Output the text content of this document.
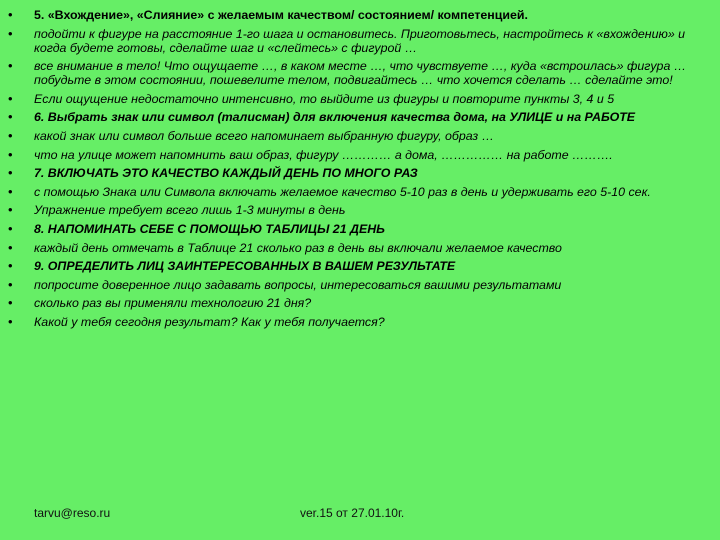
• 5. «Вхождение», «Слияние» с желаемым качеством/ состоянием/ компетенцией.
• подойти к фигуре на расстояние 1-го шага и остановитесь. Приготовьтесь, настройтесь к «вхождению» и когда будете готовы, сделайте шаг и «слейтесь» с фигурой …
• все внимание в тело! Что ощущаете …, в каком месте …, что чувствуете …, куда «встроилась» фигура … побудьте в этом состоянии, пошевелите телом, подвигайтесь … что хочется сделать … сделайте это!
• Если ощущение недостаточно интенсивно, то выйдите из фигуры и повторите пункты 3, 4 и 5
• 6. Выбрать знак или символ (талисман) для включения качества дома, на УЛИЦЕ и на РАБОТЕ
• какой знак или символ больше всего напоминает выбранную фигуру, образ …
• что на улице может напомнить ваш образ, фигуру ………… а дома, …………… на работе ……….
• 7. ВКЛЮЧАТЬ ЭТО КАЧЕСТВО КАЖДЫЙ ДЕНЬ ПО МНОГО РАЗ
• с помощью Знака или Символа включать желаемое качество 5-10 раз в день и удерживать его 5-10 сек.
• Упражнение требует всего лишь 1-3 минуты в день
• 8. НАПОМИНАТЬ СЕБЕ С ПОМОЩЬЮ ТАБЛИЦЫ 21 ДЕНЬ
• каждый день отмечать в Таблице 21 сколько раз в день вы включали желаемое качество
• 9. ОПРЕДЕЛИТЬ ЛИЦ ЗАИНТЕРЕСОВАННЫХ В ВАШЕМ РЕЗУЛЬТАТЕ
• попросите доверенное лицо задавать вопросы, интересоваться вашими результатами
• сколько раз вы применяли технологию 21 дня?
• Какой у тебя сегодня результат? Как у тебя получается?
tarvu@reso.ru	ver.15 от 27.01.10г.
